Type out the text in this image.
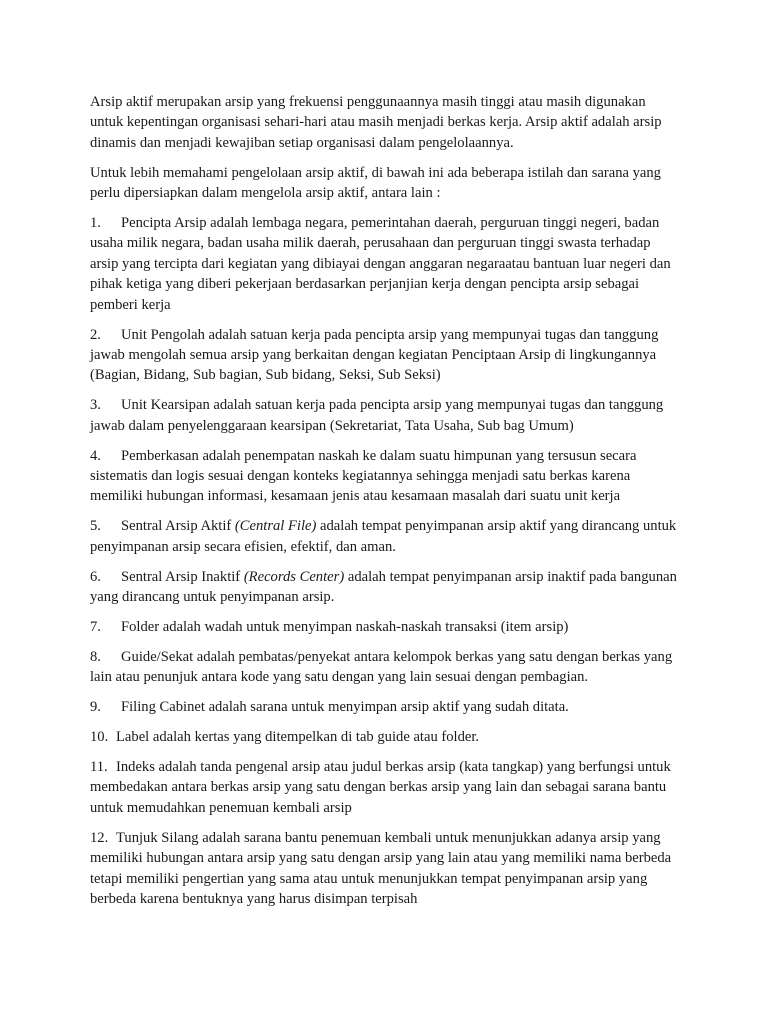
Arsip aktif merupakan arsip yang frekuensi penggunaannya masih tinggi atau masih digunakan untuk kepentingan organisasi sehari-hari atau masih menjadi berkas kerja. Arsip aktif adalah arsip dinamis dan menjadi kewajiban setiap organisasi dalam pengelolaannya.

Untuk lebih memahami pengelolaan arsip aktif, di bawah ini ada beberapa istilah dan sarana yang perlu dipersiapkan dalam mengelola arsip aktif, antara lain :

1. Pencipta Arsip adalah lembaga negara, pemerintahan daerah, perguruan tinggi negeri, badan usaha milik negara, badan usaha milik daerah, perusahaan dan perguruan tinggi swasta terhadap arsip yang tercipta dari kegiatan yang dibiayai dengan anggaran negaraatau bantuan luar negeri dan pihak ketiga yang diberi pekerjaan berdasarkan perjanjian kerja dengan pencipta arsip sebagai pemberi kerja
2. Unit Pengolah adalah satuan kerja pada pencipta arsip yang mempunyai tugas dan tanggung jawab mengolah semua arsip yang berkaitan dengan kegiatan Penciptaan Arsip di lingkungannya (Bagian, Bidang, Sub bagian, Sub bidang, Seksi, Sub Seksi)
3. Unit Kearsipan adalah satuan kerja pada pencipta arsip yang mempunyai tugas dan tanggung jawab dalam penyelenggaraan kearsipan (Sekretariat, Tata Usaha, Sub bag Umum)
4. Pemberkasan adalah penempatan naskah ke dalam suatu himpunan yang tersusun secara sistematis dan logis sesuai dengan konteks kegiatannya sehingga menjadi satu berkas karena memiliki hubungan informasi, kesamaan jenis atau kesamaan masalah dari suatu unit kerja
5. Sentral Arsip Aktif (Central File) adalah tempat penyimpanan arsip aktif yang dirancang untuk penyimpanan arsip secara efisien, efektif, dan aman.
6. Sentral Arsip Inaktif (Records Center) adalah tempat penyimpanan arsip inaktif pada bangunan yang dirancang untuk penyimpanan arsip.
7. Folder adalah wadah untuk menyimpan naskah-naskah transaksi (item arsip)
8. Guide/Sekat adalah pembatas/penyekat antara kelompok berkas yang satu dengan berkas yang lain atau penunjuk antara kode yang satu dengan yang lain sesuai dengan pembagian.
9. Filing Cabinet adalah sarana untuk menyimpan arsip aktif yang sudah ditata.
10. Label adalah kertas yang ditempelkan di tab guide atau folder.
11. Indeks adalah tanda pengenal arsip atau judul berkas arsip (kata tangkap) yang berfungsi untuk membedakan antara berkas arsip yang satu dengan berkas arsip yang lain dan sebagai sarana bantu untuk memudahkan penemuan kembali arsip
12. Tunjuk Silang adalah sarana bantu penemuan kembali untuk menunjukkan adanya arsip yang memiliki hubungan antara arsip yang satu dengan arsip yang lain atau yang memiliki nama berbeda tetapi memiliki pengertian yang sama atau untuk menunjukkan tempat penyimpanan arsip yang berbeda karena bentuknya yang harus disimpan terpisah
